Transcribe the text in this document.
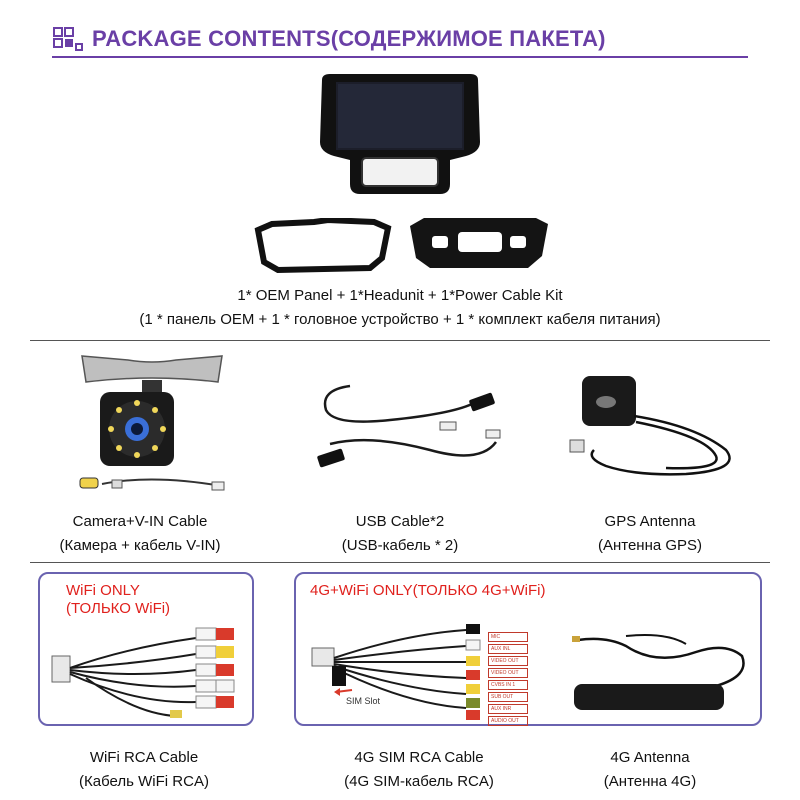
PACKAGE CONTENTS(СОДЕРЖИМОЕ ПАКЕТА)
1* OEM Panel + 1*Headunit + 1*Power Cable Kit
(1 * панель OEM + 1 * головное устройство + 1 * комплект кабеля питания)
Camera+V-IN Cable
(Камера + кабель V-IN)
USB Cable*2
(USB-кабель * 2)
GPS Antenna
(Антенна GPS)
WiFi ONLY
(ТОЛЬКО WiFi)
4G+WiFi ONLY(ТОЛЬКО 4G+WiFi)
SIM Slot
MIC
AUX INL
VIDEO OUT
VIDEO OUT
CVBS IN 1
SUB OUT
AUX INR
AUDIO OUT
WiFi RCA Cable
(Кабель WiFi RCA)
4G SIM RCA Cable
(4G SIM-кабель RCA)
4G Antenna
(Антенна 4G)
